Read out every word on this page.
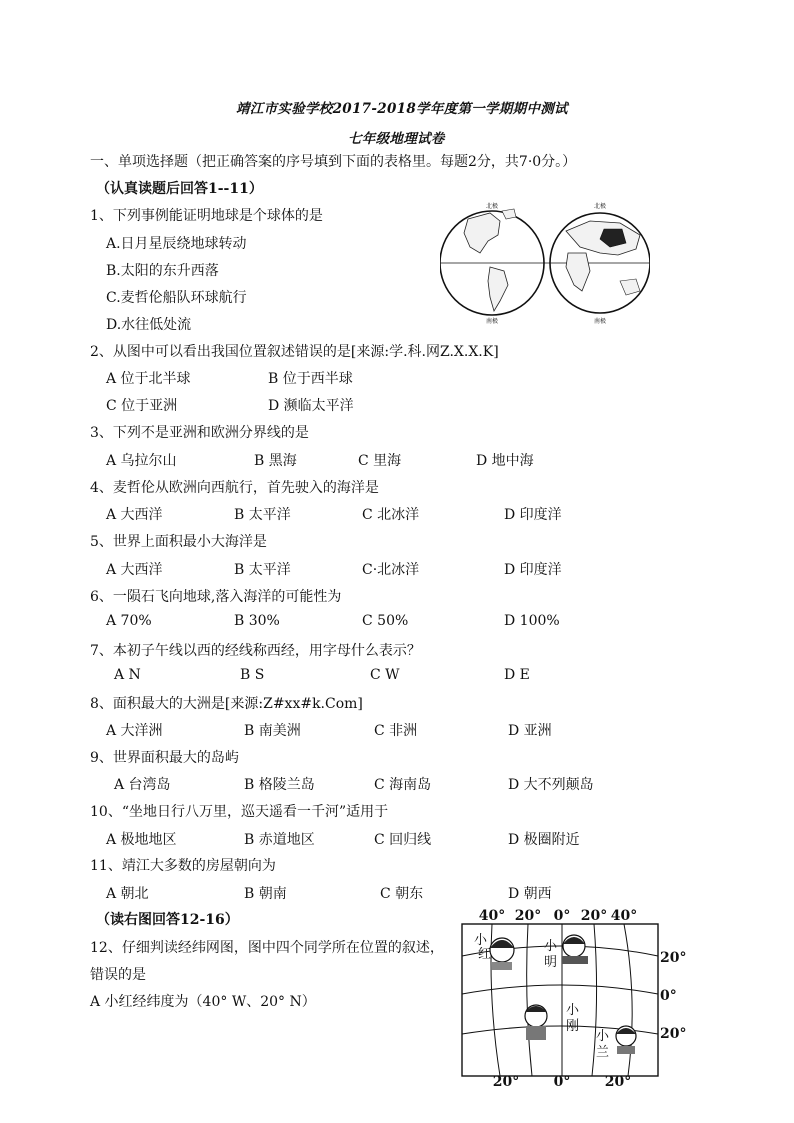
靖江市实验学校2017-2018学年度第一学期期中测试
七年级地理试卷
一、单项选择题（把正确答案的序号填到下面的表格里。每题2分，共7·0分。）
（认真读题后回答1--11）
1、下列事例能证明地球是个球体的是
A.日月星辰绕地球转动
B.太阳的东升西落
C.麦哲伦船队环球航行
D.水往低处流
北极	北极
南极	南极
2、从图中可以看出我国位置叙述错误的是[来源:学.科.网Z.X.X.K]
A 位于北半球	B 位于西半球
C 位于亚洲	D 濒临太平洋
3、下列不是亚洲和欧洲分界线的是
A 乌拉尔山	B 黑海	C 里海	D 地中海
4、麦哲伦从欧洲向西航行，首先驶入的海洋是
A 大西洋	B 太平洋	C 北冰洋	D 印度洋
5、世界上面积最小大海洋是
A 大西洋	B 太平洋	C·北冰洋	D 印度洋
6、一陨石飞向地球,落入海洋的可能性为
A 70%	B 30%	C 50%	D 100%
7、本初子午线以西的经线称西经，用字母什么表示？
A N	B S	C W	D E
8、面积最大的大洲是[来源:Z#xx#k.Com]
A 大洋洲	B 南美洲	C 非洲	D 亚洲
9、世界面积最大的岛屿
A 台湾岛	B 格陵兰岛	C 海南岛	D 大不列颠岛
10、“坐地日行八万里，巡天遥看一千河”适用于
A 极地地区	B 赤道地区	C 回归线	D 极圈附近
11、靖江大多数的房屋朝向为
A 朝北	B 朝南	C 朝东	D 朝西
（读右图回答12-16）
12、仔细判读经纬网图，图中四个同学所在位置的叙述，
错误的是
A 小红经纬度为（40° W、20° N）
40° 20° 0° 20° 40°
20°
0°
20°
20° 0° 20°
小
红
小
明
小
刚
小
兰
